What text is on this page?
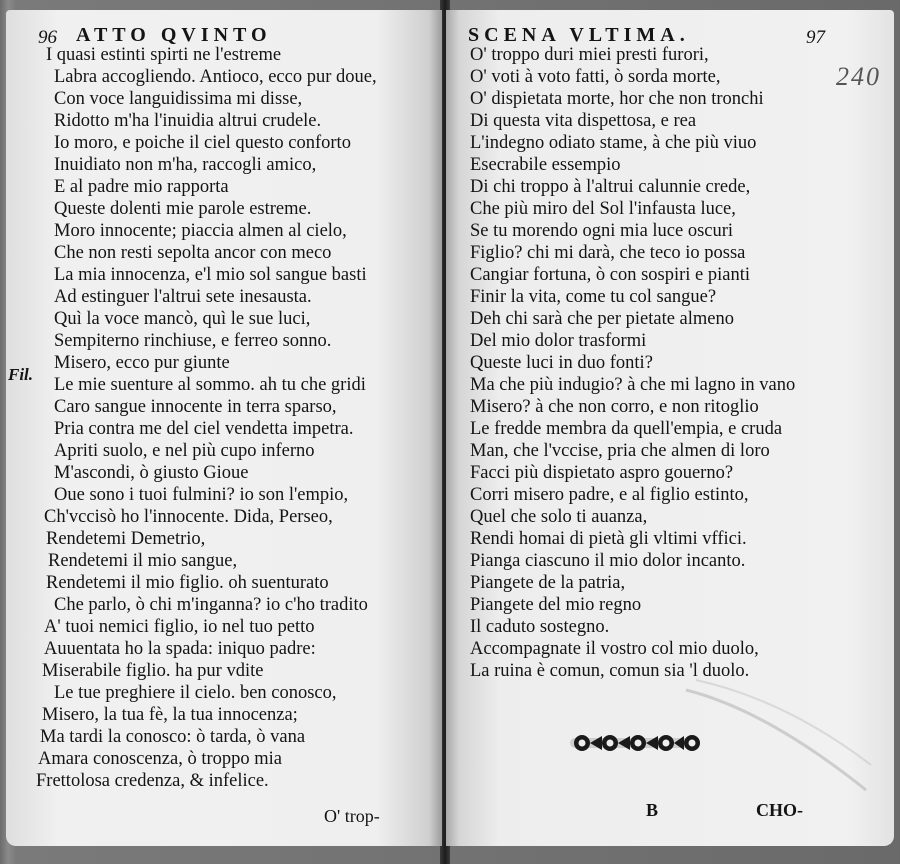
96 ATTO QVINTO
Fil.
I quasi estinti spirti ne l'estreme
Labra accogliendo. Antioco, ecco pur doue,
Con voce languidissima mi disse,
Ridotto m'ha l'inuidia altrui crudele.
Io moro, e poiche il ciel questo conforto
Inuidiato non m'ha, raccogli amico,
E al padre mio rapporta
Queste dolenti mie parole estreme.
Moro innocente; piaccia almen al cielo,
Che non resti sepolta ancor con meco
La mia innocenza, e'l mio sol sangue basti
Ad estinguer l'altrui sete inesausta.
Quì la voce mancò, quì le sue luci,
Sempiterno rinchiuse, e ferreo sonno.
Misero, ecco pur giunte
Le mie suenture al sommo. ah tu che gridi
Caro sangue innocente in terra sparso,
Pria contra me del ciel vendetta impetra.
Apriti suolo, e nel più cupo inferno
M'ascondi, ò giusto Gioue
Oue sono i tuoi fulmini? io son l'empio,
Ch'vccisò ho l'innocente. Dida, Perseo,
Rendetemi Demetrio,
Rendetemi il mio sangue,
Rendetemi il mio figlio. oh suenturato
Che parlo, ò chi m'inganna? io c'ho tradito
A' tuoi nemici figlio, io nel tuo petto
Auuentata ho la spada: iniquo padre:
Miserabile figlio. ha pur vdite
Le tue preghiere il cielo. ben conosco,
Misero, la tua fè, la tua innocenza;
Ma tardi la conosco: ò tarda, ò vana
Amara conoscenza, ò troppo mia
Frettolosa credenza, & infelice.
O' trop-
SCENA VLTIMA.	97
240
O' troppo duri miei presti furori,
O' voti à voto fatti, ò sorda morte,
O' dispietata morte, hor che non tronchi
Di questa vita dispettosa, e rea
L'indegno odiato stame, à che più viuo
Esecrabile essempio
Di chi troppo à l'altrui calunnie crede,
Che più miro del Sol l'infausta luce,
Se tu morendo ogni mia luce oscuri
Figlio? chi mi darà, che teco io possa
Cangiar fortuna, ò con sospiri e pianti
Finir la vita, come tu col sangue?
Deh chi sarà che per pietate almeno
Del mio dolor trasformi
Queste luci in duo fonti?
Ma che più indugio? à che mi lagno in vano
Misero? à che non corro, e non ritoglio
Le fredde membra da quell'empia, e cruda
Man, che l'vccise, pria che almen di loro
Facci più dispietato aspro gouerno?
Corri misero padre, e al figlio estinto,
Quel che solo ti auanza,
Rendi homai di pietà gli vltimi vffici.
Pianga ciascuno il mio dolor incanto.
Piangete de la patria,
Piangete del mio regno
Il caduto sostegno.
Accompagnate il vostro col mio duolo,
La ruina è comun, comun sia 'l duolo.
B	CHO-
